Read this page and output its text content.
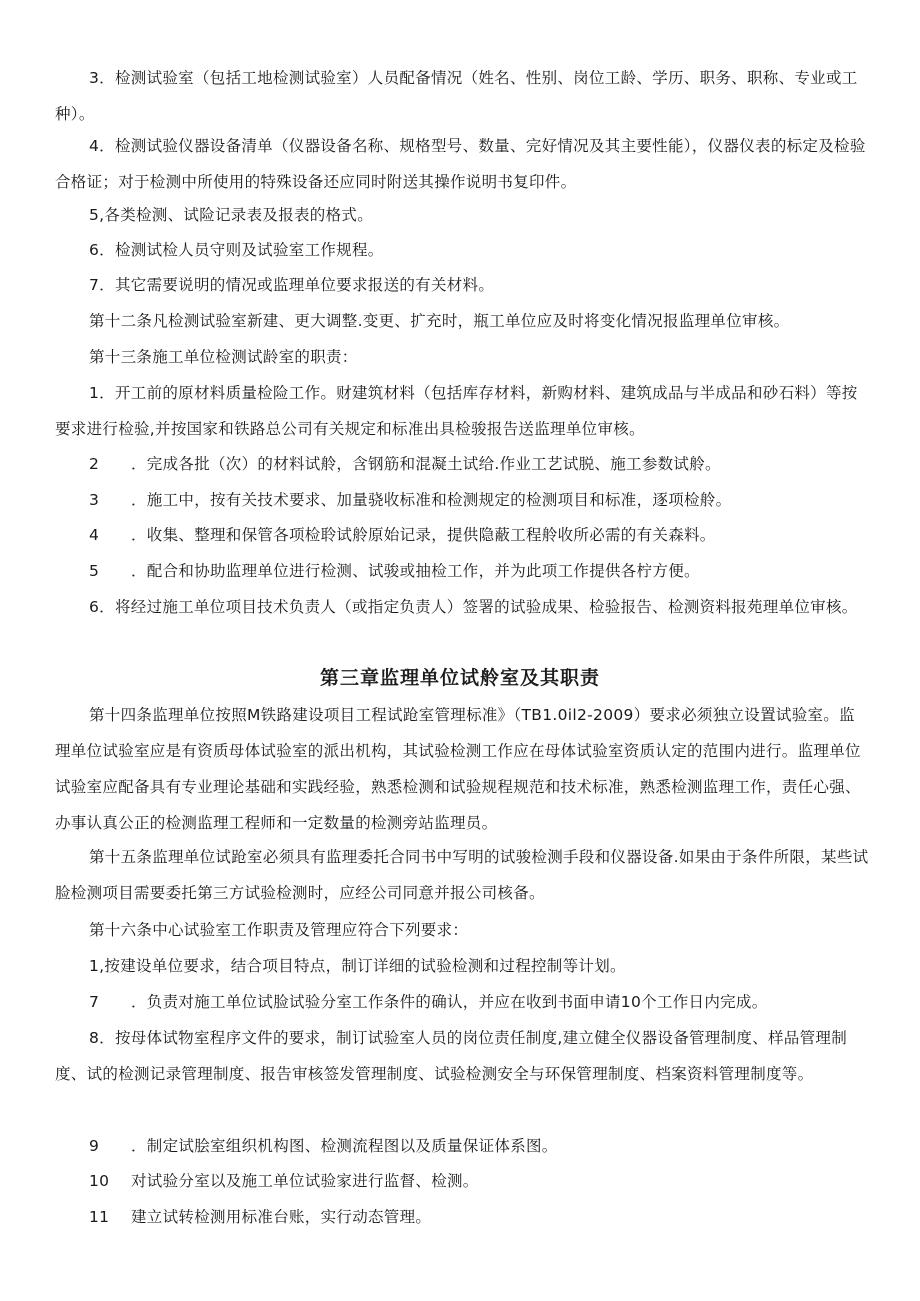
3．检测试验室（包括工地检测试验室）人员配备情况（姓名、性别、岗位工龄、学历、职务、职称、专业或工种）。

4．检测试验仪器设备清单（仪器设备名称、规格型号、数量、完好情况及其主要性能），仪器仪表的标定及检验合格证；对于检测中所使用的特殊设备还应同时附送其操作说明书复印件。

5,各类检测、试险记录表及报表的格式。

6．检测试检人员守则及试验室工作规程。

7．其它需要说明的情况或监理单位要求报送的有关材料。

第十二条凡检测试验室新建、更大调整.变更、扩充时，瓶工单位应及时将变化情况报监理单位审核。

第十三条施工单位检测试龄室的职责：

1．开工前的原材料质量检险工作。财建筑材料（包括库存材料，新购材料、建筑成品与半成品和砂石料）等按要求进行检验,并按国家和铁路总公司有关规定和标准出具检骏报告送监理单位审核。

2 ．完成各批（次）的材料试舲，含钢筋和混凝土试给.作业工艺试脱、施工参数试舲。

3 ．施工中，按有关技术要求、加量骁收标准和检测规定的检测项目和标准，逐项检舲。

4 ．收集、整理和保管各项检聆试舲原始记录，提供隐蔽工程舲收所必需的有关森料。

5 ．配合和协助监理单位进行检测、试骏或抽检工作，并为此项工作提供各柠方便。

6．将经过施工单位项目技术负责人（或指定负责人）签署的试验成果、检验报告、检测资料报苑理单位审核。

第三章监理单位试舲室及其职责

第十四条监理单位按照M铁路建设项目工程试跄室管理标准》（TB1.0il2-2009）要求必须独立设置试验室。监理单位试验室应是有资质母体试验室的派出机构，其试验检测工作应在母体试验室资质认定的范围内进行。监理单位试验室应配备具有专业理论基础和实践经验，熟悉检测和试验规程规范和技术标准，熟悉检测监理工作，责任心强、办事认真公正的检测监理工程师和一定数量的检测旁站监理员。

第十五条监理单位试跄室必须具有监理委托合同书中写明的试骏检测手段和仪器设备.如果由于条件所限，某些试脸检测项目需要委托第三方试验检测时，应经公司同意并报公司核备。

第十六条中心试验室工作职责及管理应符合下列要求：

1,按建设单位要求，结合项目特点，制订详细的试验检测和过程控制等计划。

7 ．负责对施工单位试脸试验分室工作条件的确认，并应在收到书面申请10个工作日内完成。

8．按母体试物室程序文件的要求，制订试验室人员的岗位责任制度,建立健全仪器设备管理制度、样品管理制度、试的检测记录管理制度、报告审核签发管理制度、试验检测安全与环保管理制度、档案资料管理制度等。

9 ．制定试脍室组织机构图、检测流程图以及质量保证体系图。

10 对试验分室以及施工单位试验家进行监督、检测。

11 建立试转检测用标准台账，实行动态管理。
